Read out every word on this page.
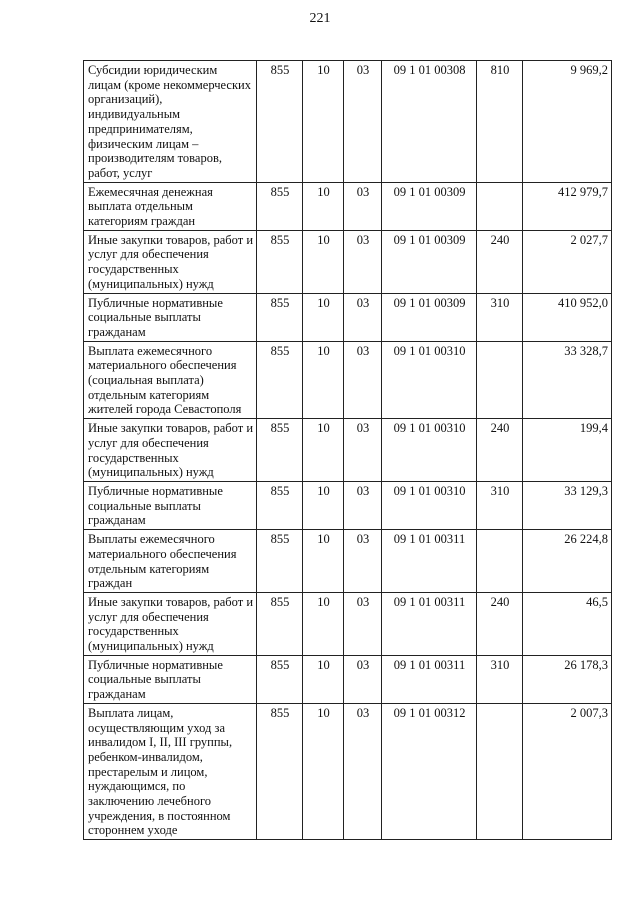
221
Субсидии юридическим лицам (кроме некоммерческих организаций), индивидуальным предпринимателям, физическим лицам – производителям товаров, работ, услуг	855	10	03	09 1 01 00308	810	9 969,2
Ежемесячная денежная выплата отдельным категориям граждан	855	10	03	09 1 01 00309		412 979,7
Иные закупки товаров, работ и услуг для обеспечения государственных (муниципальных) нужд	855	10	03	09 1 01 00309	240	2 027,7
Публичные нормативные социальные выплаты гражданам	855	10	03	09 1 01 00309	310	410 952,0
Выплата ежемесячного материального обеспечения (социальная выплата) отдельным категориям жителей города Севастополя	855	10	03	09 1 01 00310		33 328,7
Иные закупки товаров, работ и услуг для обеспечения государственных (муниципальных) нужд	855	10	03	09 1 01 00310	240	199,4
Публичные нормативные социальные выплаты гражданам	855	10	03	09 1 01 00310	310	33 129,3
Выплаты ежемесячного материального обеспечения отдельным категориям граждан	855	10	03	09 1 01 00311		26 224,8
Иные закупки товаров, работ и услуг для обеспечения государственных (муниципальных) нужд	855	10	03	09 1 01 00311	240	46,5
Публичные нормативные социальные выплаты гражданам	855	10	03	09 1 01 00311	310	26 178,3
Выплата лицам, осуществляющим уход за инвалидом I, II, III группы, ребенком-инвалидом, престарелым и лицом, нуждающимся, по заключению лечебного учреждения, в постоянном стороннем уходе	855	10	03	09 1 01 00312		2 007,3
